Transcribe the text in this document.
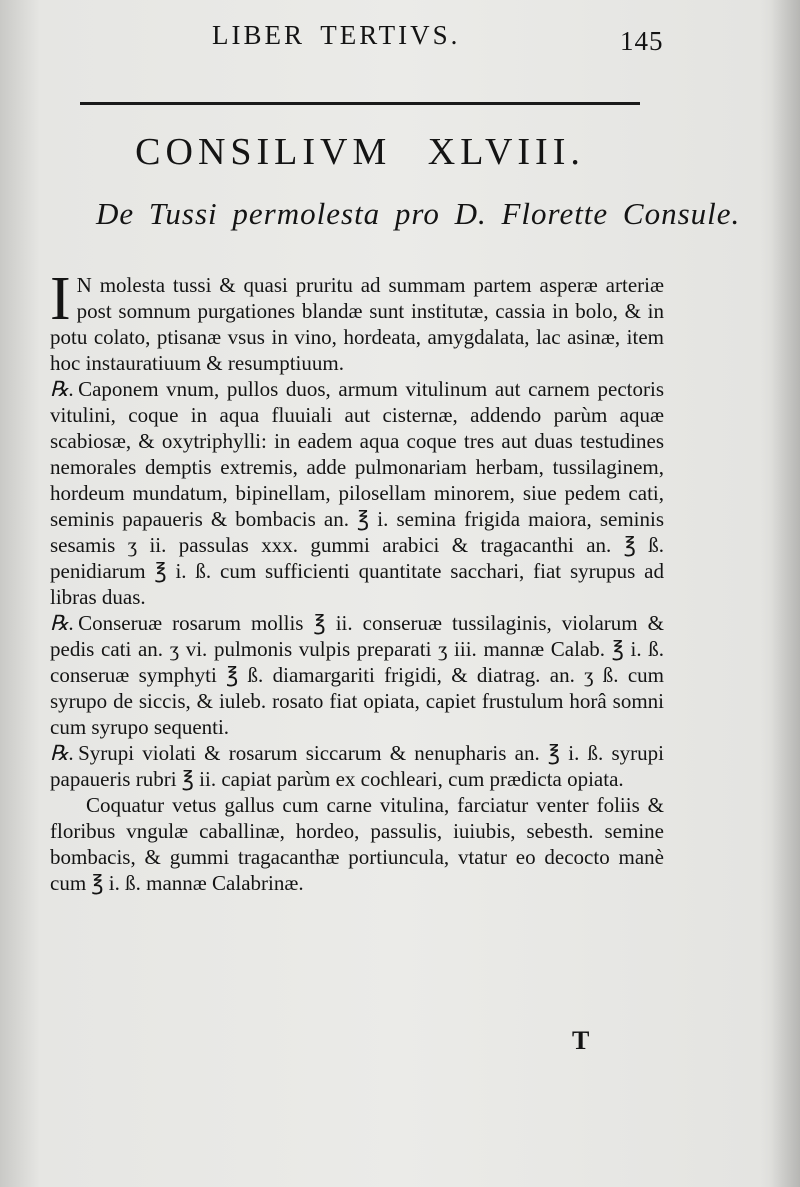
LIBER TERTIVS.	145
CONSILIVM XLVIII.
De Tussi permolesta pro D. Florette Consule.

I N molesta tussi & quasi pruritu ad summam partem asperæ arteriæ post somnum purgationes blandæ sunt institutæ, cassia in bolo, & in potu colato, ptisanæ vsus in vino, hordeata, amygdalata, lac asinæ, item hoc instauratiuum & resumptiuum.

℞. Caponem vnum, pullos duos, armum vitulinum aut carnem pectoris vitulini, coque in aqua fluuiali aut cisternæ, addendo parùm aquæ scabiosæ, & oxytriphylli: in eadem aqua coque tres aut duas testudines nemorales demptis extremis, adde pulmonariam herbam, tussilaginem, hordeum mundatum, bipinellam, pilosellam minorem, siue pedem cati, seminis papaueris & bombacis an. ℥ i. semina frigida maiora, seminis sesamis ʒ ii. passulas xxx. gummi arabici & tragacanthi an. ℥ ß. penidiarum ℥ i. ß. cum sufficienti quantitate sacchari, fiat syrupus ad libras duas.

℞. Conseruæ rosarum mollis ℥ ii. conseruæ tussilaginis, violarum & pedis cati an. ʒ vi. pulmonis vulpis preparati ʒ iii. mannæ Calab. ℥ i. ß. conseruæ symphyti ℥ ß. diamargariti frigidi, & diatrag. an. ʒ ß. cum syrupo de siccis, & iuleb. rosato fiat opiata, capiet frustulum horâ somni cum syrupo sequenti.

℞. Syrupi violati & rosarum siccarum & nenupharis an. ℥ i. ß. syrupi papaueris rubri ℥ ii. capiat parùm ex cochleari, cum prædicta opiata.

Coquatur vetus gallus cum carne vitulina, farciatur venter foliis & floribus vngulæ caballinæ, hordeo, passulis, iuiubis, sebesth. semine bombacis, & gummi tragacanthæ portiuncula, vtatur eo decocto manè cum ℥ i. ß. mannæ Calabrinæ.

T
